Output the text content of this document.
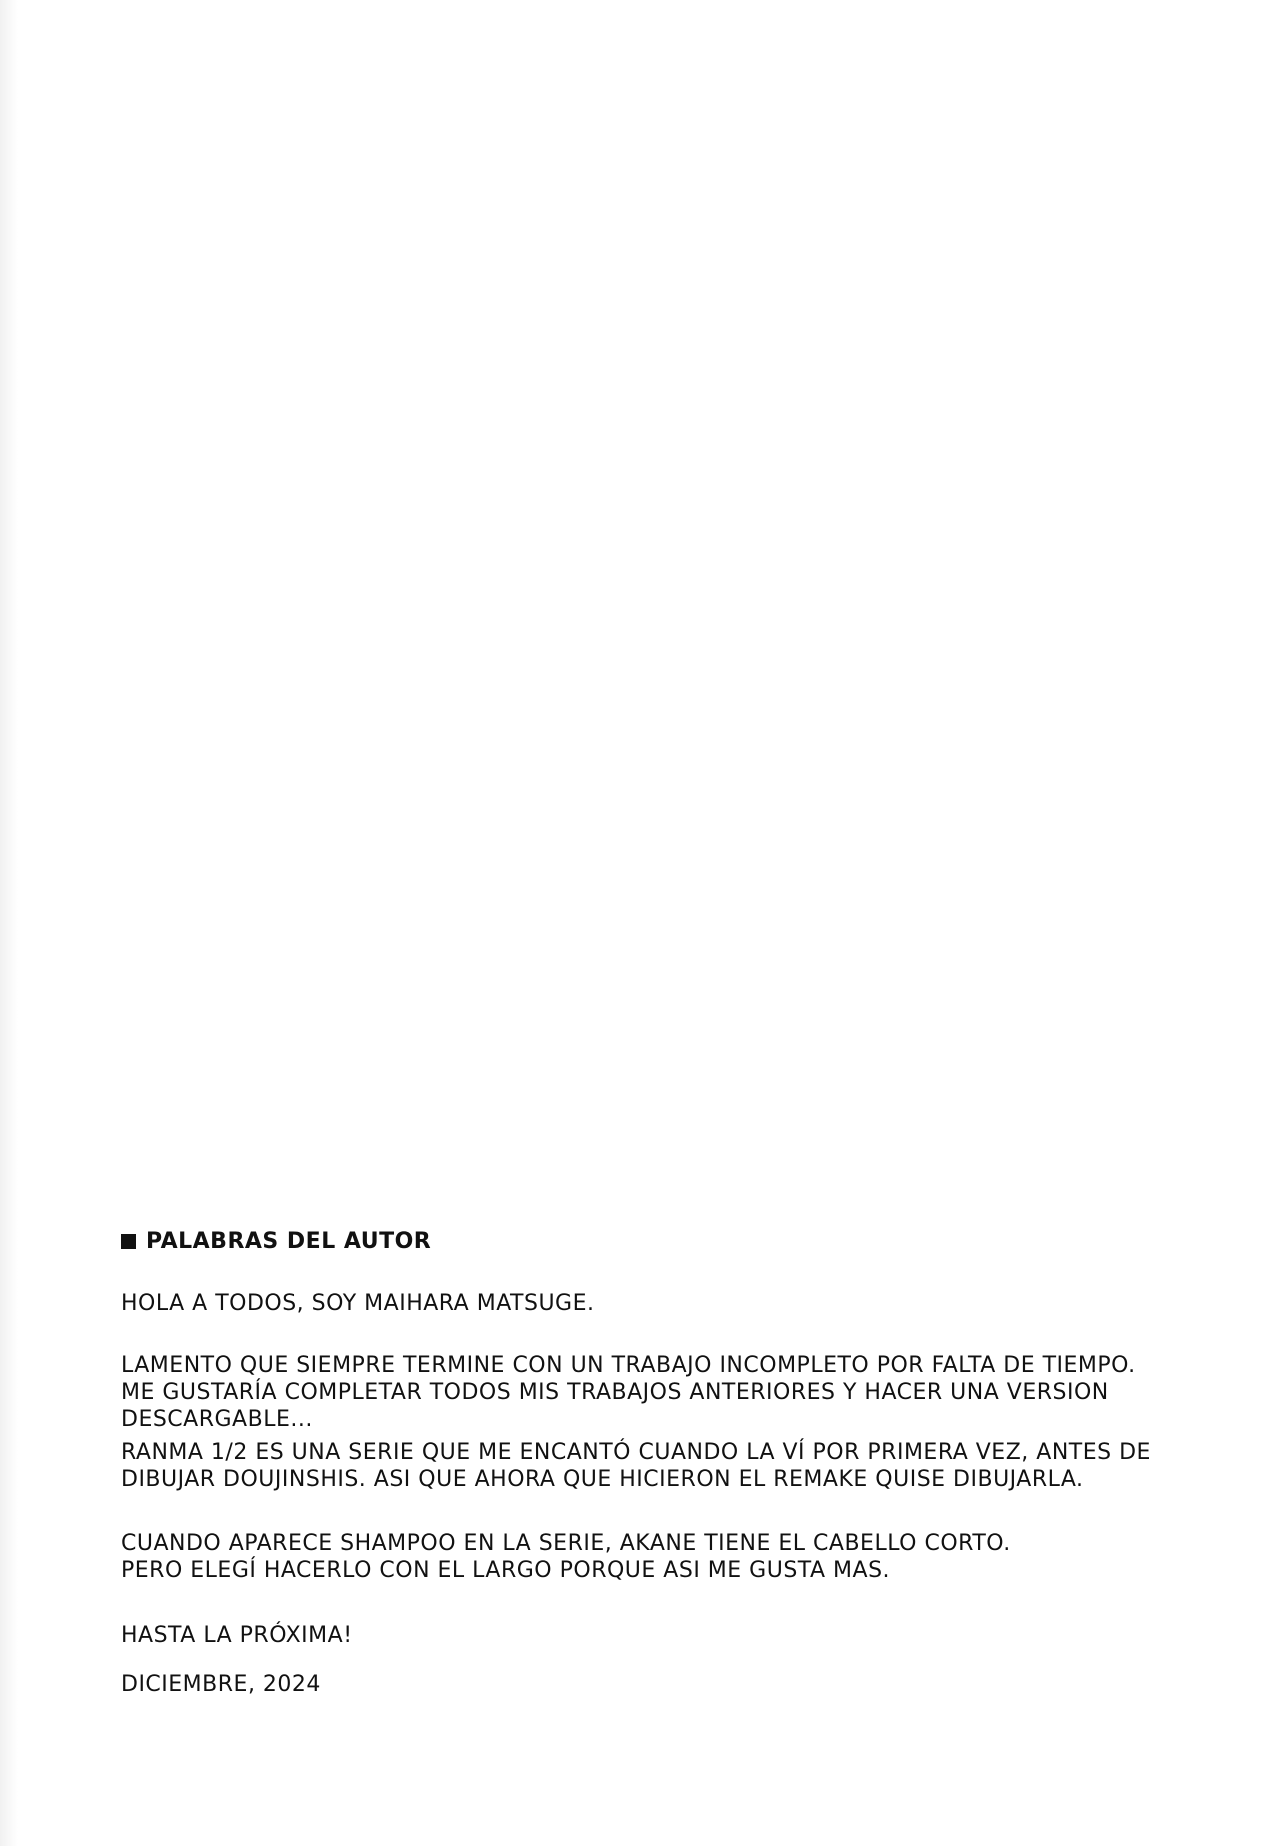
PALABRAS DEL AUTOR

HOLA A TODOS, SOY MAIHARA MATSUGE.

LAMENTO QUE SIEMPRE TERMINE CON UN TRABAJO INCOMPLETO POR FALTA DE TIEMPO.

ME GUSTARÍA COMPLETAR TODOS MIS TRABAJOS ANTERIORES Y HACER UNA VERSION

DESCARGABLE...

RANMA 1/2 ES UNA SERIE QUE ME ENCANTÓ CUANDO LA VÍ POR PRIMERA VEZ, ANTES DE

DIBUJAR DOUJINSHIS. ASI QUE AHORA QUE HICIERON EL REMAKE QUISE DIBUJARLA.

CUANDO APARECE SHAMPOO EN LA SERIE, AKANE TIENE EL CABELLO CORTO.

PERO ELEGÍ HACERLO CON EL LARGO PORQUE ASI ME GUSTA MAS.

HASTA LA PRÓXIMA!

DICIEMBRE, 2024
